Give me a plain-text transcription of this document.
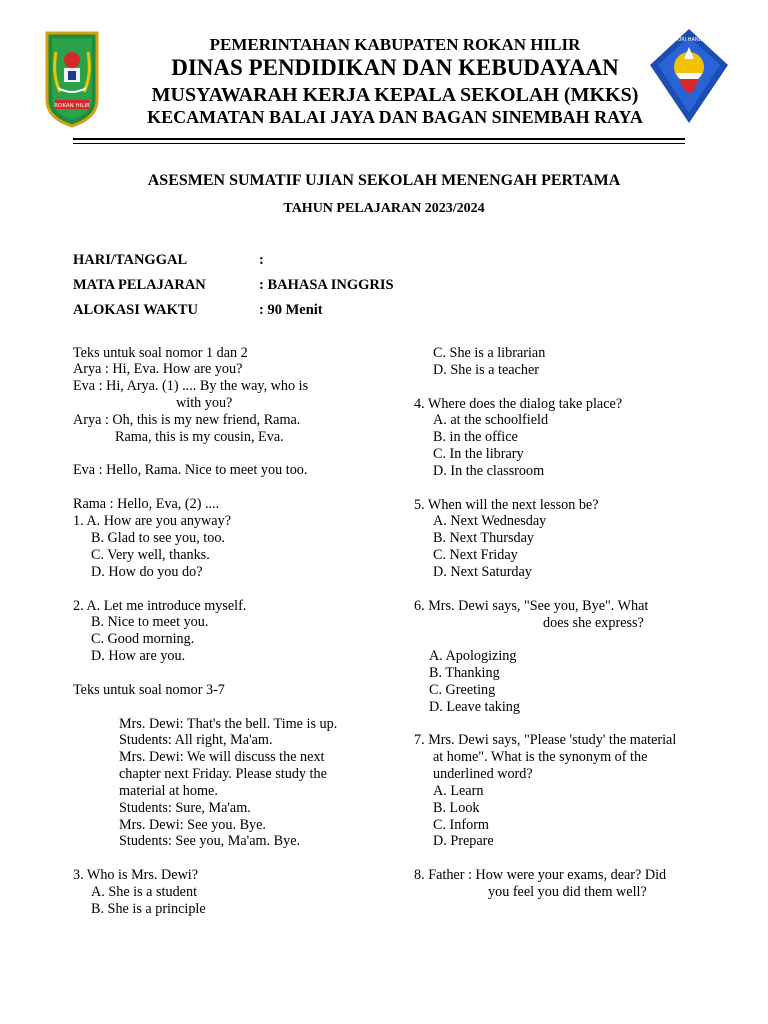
ROKAN HILIR
TUT WURI HANDAYANI
PEMERINTAHAN KABUPATEN ROKAN HILIR
DINAS PENDIDIKAN DAN KEBUDAYAAN
MUSYAWARAH KERJA KEPALA SEKOLAH (MKKS)
KECAMATAN BALAI JAYA DAN BAGAN SINEMBAH RAYA
ASESMEN SUMATIF UJIAN SEKOLAH MENENGAH PERTAMA
TAHUN PELAJARAN 2023/2024
HARI/TANGGAL	:
MATA PELAJARAN	: BAHASA INGGRIS
ALOKASI WAKTU	: 90 Menit
Teks untuk soal nomor 1 dan 2
Arya : Hi, Eva. How are you?
Eva : Hi, Arya. (1) .... By the way, who is
with you?
Arya : Oh, this is my new friend, Rama.
Rama, this is my cousin, Eva.
Eva : Hello, Rama. Nice to meet you too.
Rama : Hello, Eva, (2) ....
1. A. How are you anyway?
B. Glad to see you, too.
C. Very well, thanks.
D. How do you do?
2. A. Let me introduce myself.
B. Nice to meet you.
C. Good morning.
D. How are you.
Teks untuk soal nomor 3-7
Mrs. Dewi: That's the bell. Time is up.
Students: All right, Ma'am.
Mrs. Dewi: We will discuss the next
chapter next Friday. Please study the
material at home.
Students: Sure, Ma'am.
Mrs. Dewi: See you. Bye.
Students: See you, Ma'am. Bye.
3. Who is Mrs. Dewi?
A. She is a student
B. She is a principle
C. She is a librarian
D. She is a teacher
4. Where does the dialog take place?
A. at the schoolfield
B. in the office
C. In the library
D. In the classroom
5. When will the next lesson be?
A. Next Wednesday
B. Next Thursday
C. Next Friday
D. Next Saturday
6. Mrs. Dewi says, "See you, Bye". What
does she express?
A. Apologizing
B. Thanking
C. Greeting
D. Leave taking
7. Mrs. Dewi says, "Please 'study' the material
at home". What is the synonym of the
underlined word?
A. Learn
B. Look
C. Inform
D. Prepare
8. Father : How were your exams, dear? Did
you feel you did them well?
